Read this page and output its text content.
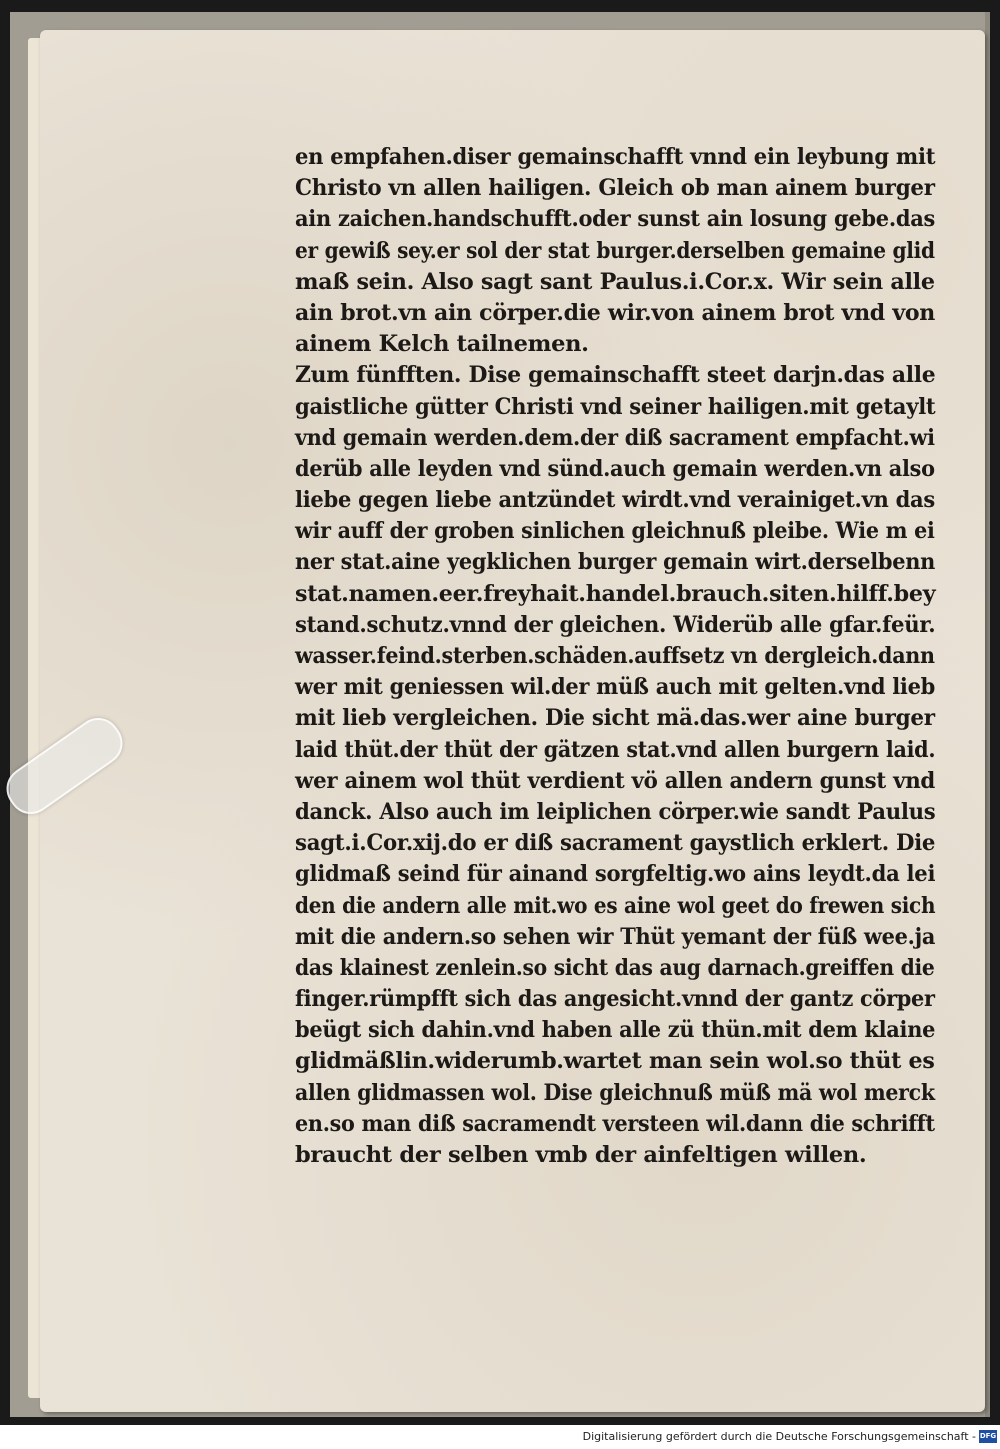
en empfahen.diser gemainschafft vnnd ein leybung mit
Christo vn allen hailigen. Gleich ob man ainem burger
ain zaichen.handschufft.oder sunst ain losung gebe.das
er gewiß sey.er sol der stat burger.derselben gemaine glid
maß sein. Also sagt sant Paulus.i.Cor.x. Wir sein alle
ain brot.vn ain cörper.die wir.von ainem brot vnd von
ainem Kelch tailnemen.
Zum fünfften. Dise gemainschafft steet darjn.das alle
gaistliche gütter Christi vnd seiner hailigen.mit getaylt
vnd gemain werden.dem.der diß sacrament empfacht.wi
derüb alle leyden vnd sünd.auch gemain werden.vn also
liebe gegen liebe antzündet wirdt.vnd verainiget.vn das
wir auff der groben sinlichen gleichnuß pleibe. Wie m ei
ner stat.aine yegklichen burger gemain wirt.derselbenn
stat.namen.eer.freyhait.handel.brauch.siten.hilff.bey
stand.schutz.vnnd der gleichen. Widerüb alle gfar.feür.
wasser.feind.sterben.schäden.auffsetz vn dergleich.dann
wer mit geniessen wil.der müß auch mit gelten.vnd lieb
mit lieb vergleichen. Die sicht mä.das.wer aine burger
laid thüt.der thüt der gätzen stat.vnd allen burgern laid.
wer ainem wol thüt verdient vö allen andern gunst vnd
danck. Also auch im leiplichen cörper.wie sandt Paulus
sagt.i.Cor.xij.do er diß sacrament gaystlich erklert. Die
glidmaß seind für ainand sorgfeltig.wo ains leydt.da lei
den die andern alle mit.wo es aine wol geet do frewen sich
mit die andern.so sehen wir Thüt yemant der füß wee.ja
das klainest zenlein.so sicht das aug darnach.greiffen die
finger.rümpfft sich das angesicht.vnnd der gantz cörper
beügt sich dahin.vnd haben alle zü thün.mit dem klaine
glidmäßlin.widerumb.wartet man sein wol.so thüt es
allen glidmassen wol. Dise gleichnuß müß mä wol merck
en.so man diß sacramendt versteen wil.dann die schrifft
braucht der selben vmb der ainfeltigen willen.
Digitalisierung gefördert durch die Deutsche Forschungsgemeinschaft - DFG
